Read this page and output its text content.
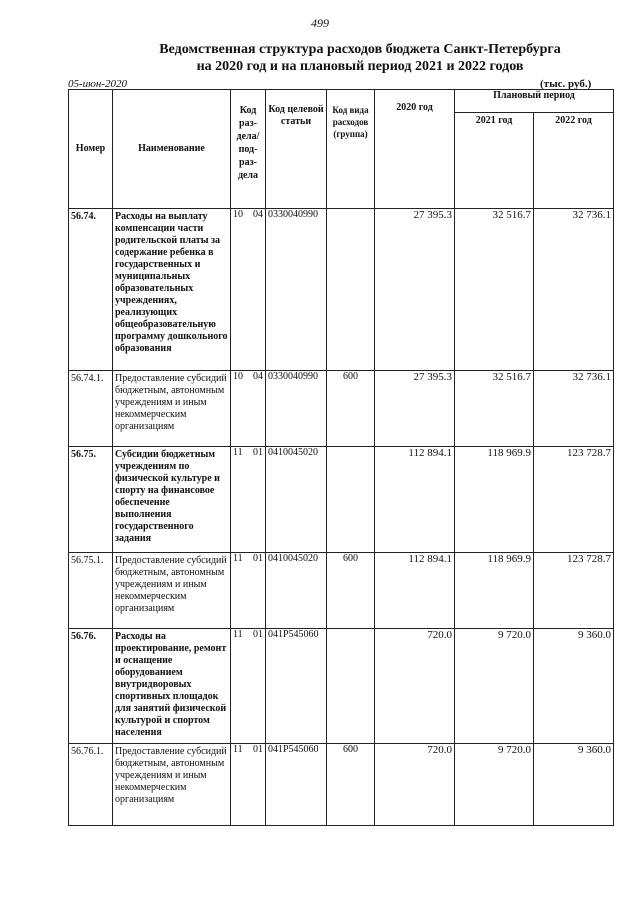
499
Ведомственная структура расходов бюджета Санкт-Петербурга
на 2020 год и на плановый период 2021 и 2022 годов
05-июн-2020	(тыс. руб.)
Номер	Наименование	Код раз- дела/ под- раз- дела	Код целевой статьи	Код вида расходов (группа)	2020 год	Плановый период	
						2021 год	2022 год
56.74.	Расходы на выплату компенсации части родительской платы за содержание ребенка в государственных и муниципальных образовательных учреждениях, реализующих общеобразовательную программу дошкольного образования	10 04	0330040990		27 395.3	32 516.7	32 736.1
56.74.1.	Предоставление субсидий бюджетным, автономным учреждениям и иным некоммерческим организациям	10 04	0330040990	600	27 395.3	32 516.7	32 736.1
56.75.	Субсидии бюджетным учреждениям по физической культуре и спорту на финансовое обеспечение выполнения государственного задания	11 01	0410045020		112 894.1	118 969.9	123 728.7
56.75.1.	Предоставление субсидий бюджетным, автономным учреждениям и иным некоммерческим организациям	11 01	0410045020	600	112 894.1	118 969.9	123 728.7
56.76.	Расходы на проектирование, ремонт и оснащение оборудованием внутридворовых спортивных площадок для занятий физической культурой и спортом населения	11 01	041P545060		720.0	9 720.0	9 360.0
56.76.1.	Предоставление субсидий бюджетным, автономным учреждениям и иным некоммерческим организациям	11 01	041P545060	600	720.0	9 720.0	9 360.0
